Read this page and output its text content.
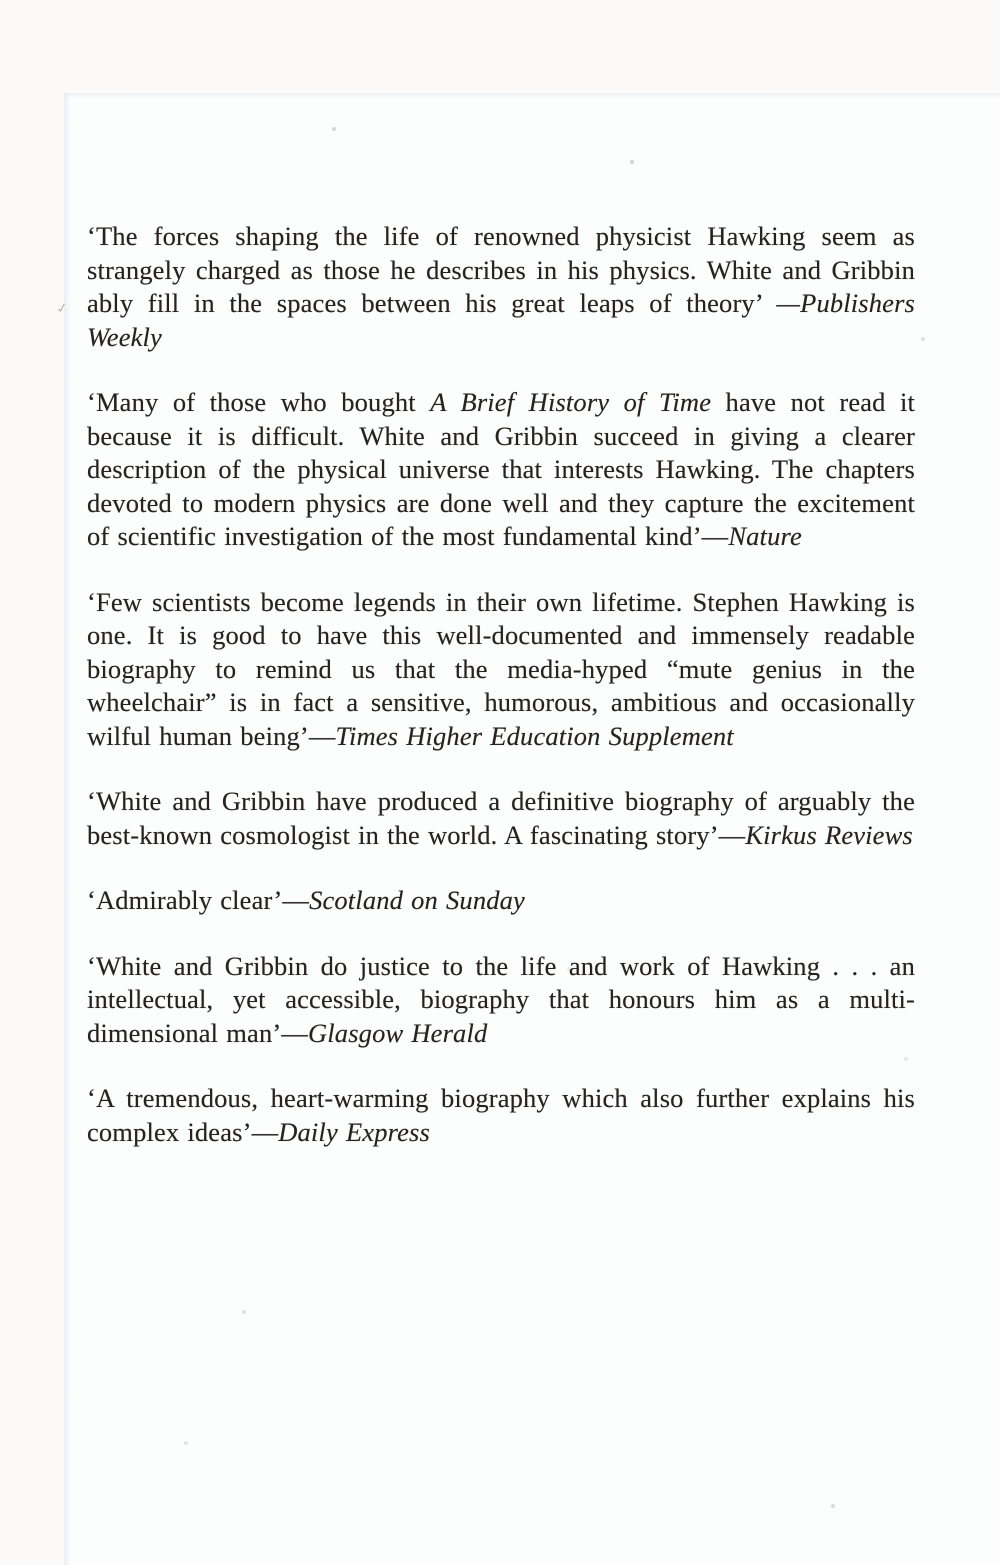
✓

‘The forces shaping the life of renowned physicist Hawking seem as strangely charged as those he describes in his physics. White and Gribbin ably fill in the spaces between his great leaps of theory’ —Publishers Weekly

‘Many of those who bought A Brief History of Time have not read it because it is difficult. White and Gribbin succeed in giving a clearer description of the physical universe that interests Hawking. The chapters devoted to modern physics are done well and they capture the excitement of scientific investigation of the most fundamental kind’—Nature

‘Few scientists become legends in their own lifetime. Stephen Hawking is one. It is good to have this well-documented and immensely readable biography to remind us that the media-hyped “mute genius in the wheelchair” is in fact a sensitive, humorous, ambitious and occasionally wilful human being’—Times Higher Education Supplement

‘White and Gribbin have produced a definitive biography of arguably the best-known cosmologist in the world. A fascinating story’—Kirkus Reviews

‘Admirably clear’—Scotland on Sunday

‘White and Gribbin do justice to the life and work of Hawking . . . an intellectual, yet accessible, biography that honours him as a multi-dimensional man’—Glasgow Herald

‘A tremendous, heart-warming biography which also further explains his complex ideas’—Daily Express
